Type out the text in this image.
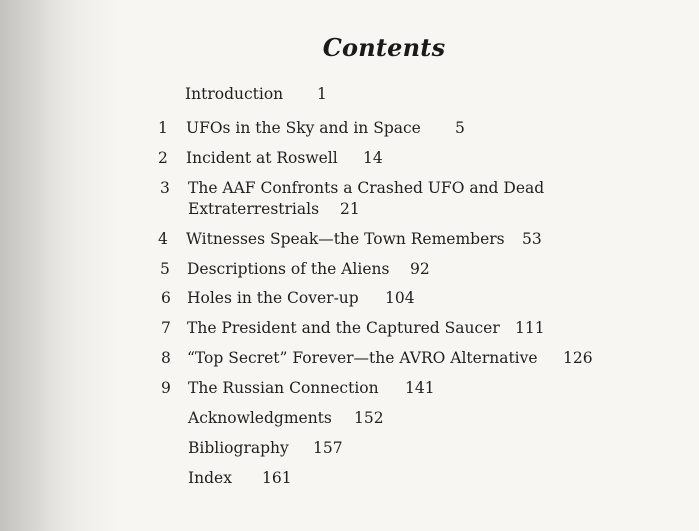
Contents
Introduction 1
1 UFOs in the Sky and in Space 5
2 Incident at Roswell 14
3 The AAF Confronts a Crashed UFO and Dead
Extraterrestrials 21
4 Witnesses Speak—the Town Remembers 53
5 Descriptions of the Aliens 92
6 Holes in the Cover-up 104
7 The President and the Captured Saucer 111
8 “Top Secret” Forever—the AVRO Alternative 126
9 The Russian Connection 141
Acknowledgments 152
Bibliography 157
Index 161
